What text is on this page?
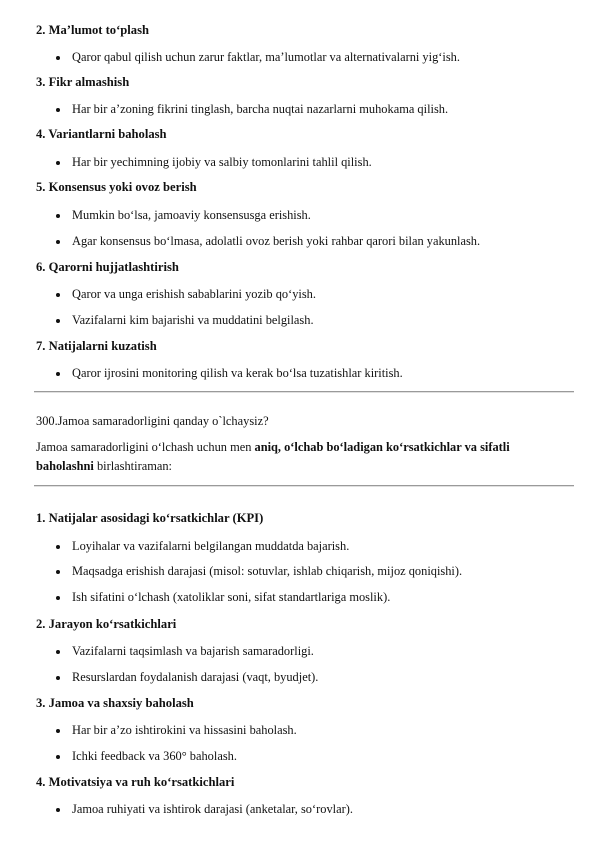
2. Ma’lumot to‘plash
Qaror qabul qilish uchun zarur faktlar, ma’lumotlar va alternativalarni yig‘ish.
3. Fikr almashish
Har bir a’zoning fikrini tinglash, barcha nuqtai nazarlarni muhokama qilish.
4. Variantlarni baholash
Har bir yechimning ijobiy va salbiy tomonlarini tahlil qilish.
5. Konsensus yoki ovoz berish
Mumkin bo‘lsa, jamoaviy konsensusga erishish.
Agar konsensus bo‘lmasa, adolatli ovoz berish yoki rahbar qarori bilan yakunlash.
6. Qarorni hujjatlashtirish
Qaror va unga erishish sabablarini yozib qo‘yish.
Vazifalarni kim bajarishi va muddatini belgilash.
7. Natijalarni kuzatish
Qaror ijrosini monitoring qilish va kerak bo‘lsa tuzatishlar kiritish.
300.Jamoa samaradorligini qanday o`lchaysiz?
Jamoa samaradorligini o‘lchash uchun men aniq, o‘lchab bo‘ladigan ko‘rsatkichlar va sifatli
baholashni birlashtiraman:
1. Natijalar asosidagi ko‘rsatkichlar (KPI)
Loyihalar va vazifalarni belgilangan muddatda bajarish.
Maqsadga erishish darajasi (misol: sotuvlar, ishlab chiqarish, mijoz qoniqishi).
Ish sifatini o‘lchash (xatoliklar soni, sifat standartlariga moslik).
2. Jarayon ko‘rsatkichlari
Vazifalarni taqsimlash va bajarish samaradorligi.
Resurslardan foydalanish darajasi (vaqt, byudjet).
3. Jamoa va shaxsiy baholash
Har bir a’zo ishtirokini va hissasini baholash.
Ichki feedback va 360° baholash.
4. Motivatsiya va ruh ko‘rsatkichlari
Jamoa ruhiyati va ishtirok darajasi (anketalar, so‘rovlar).
